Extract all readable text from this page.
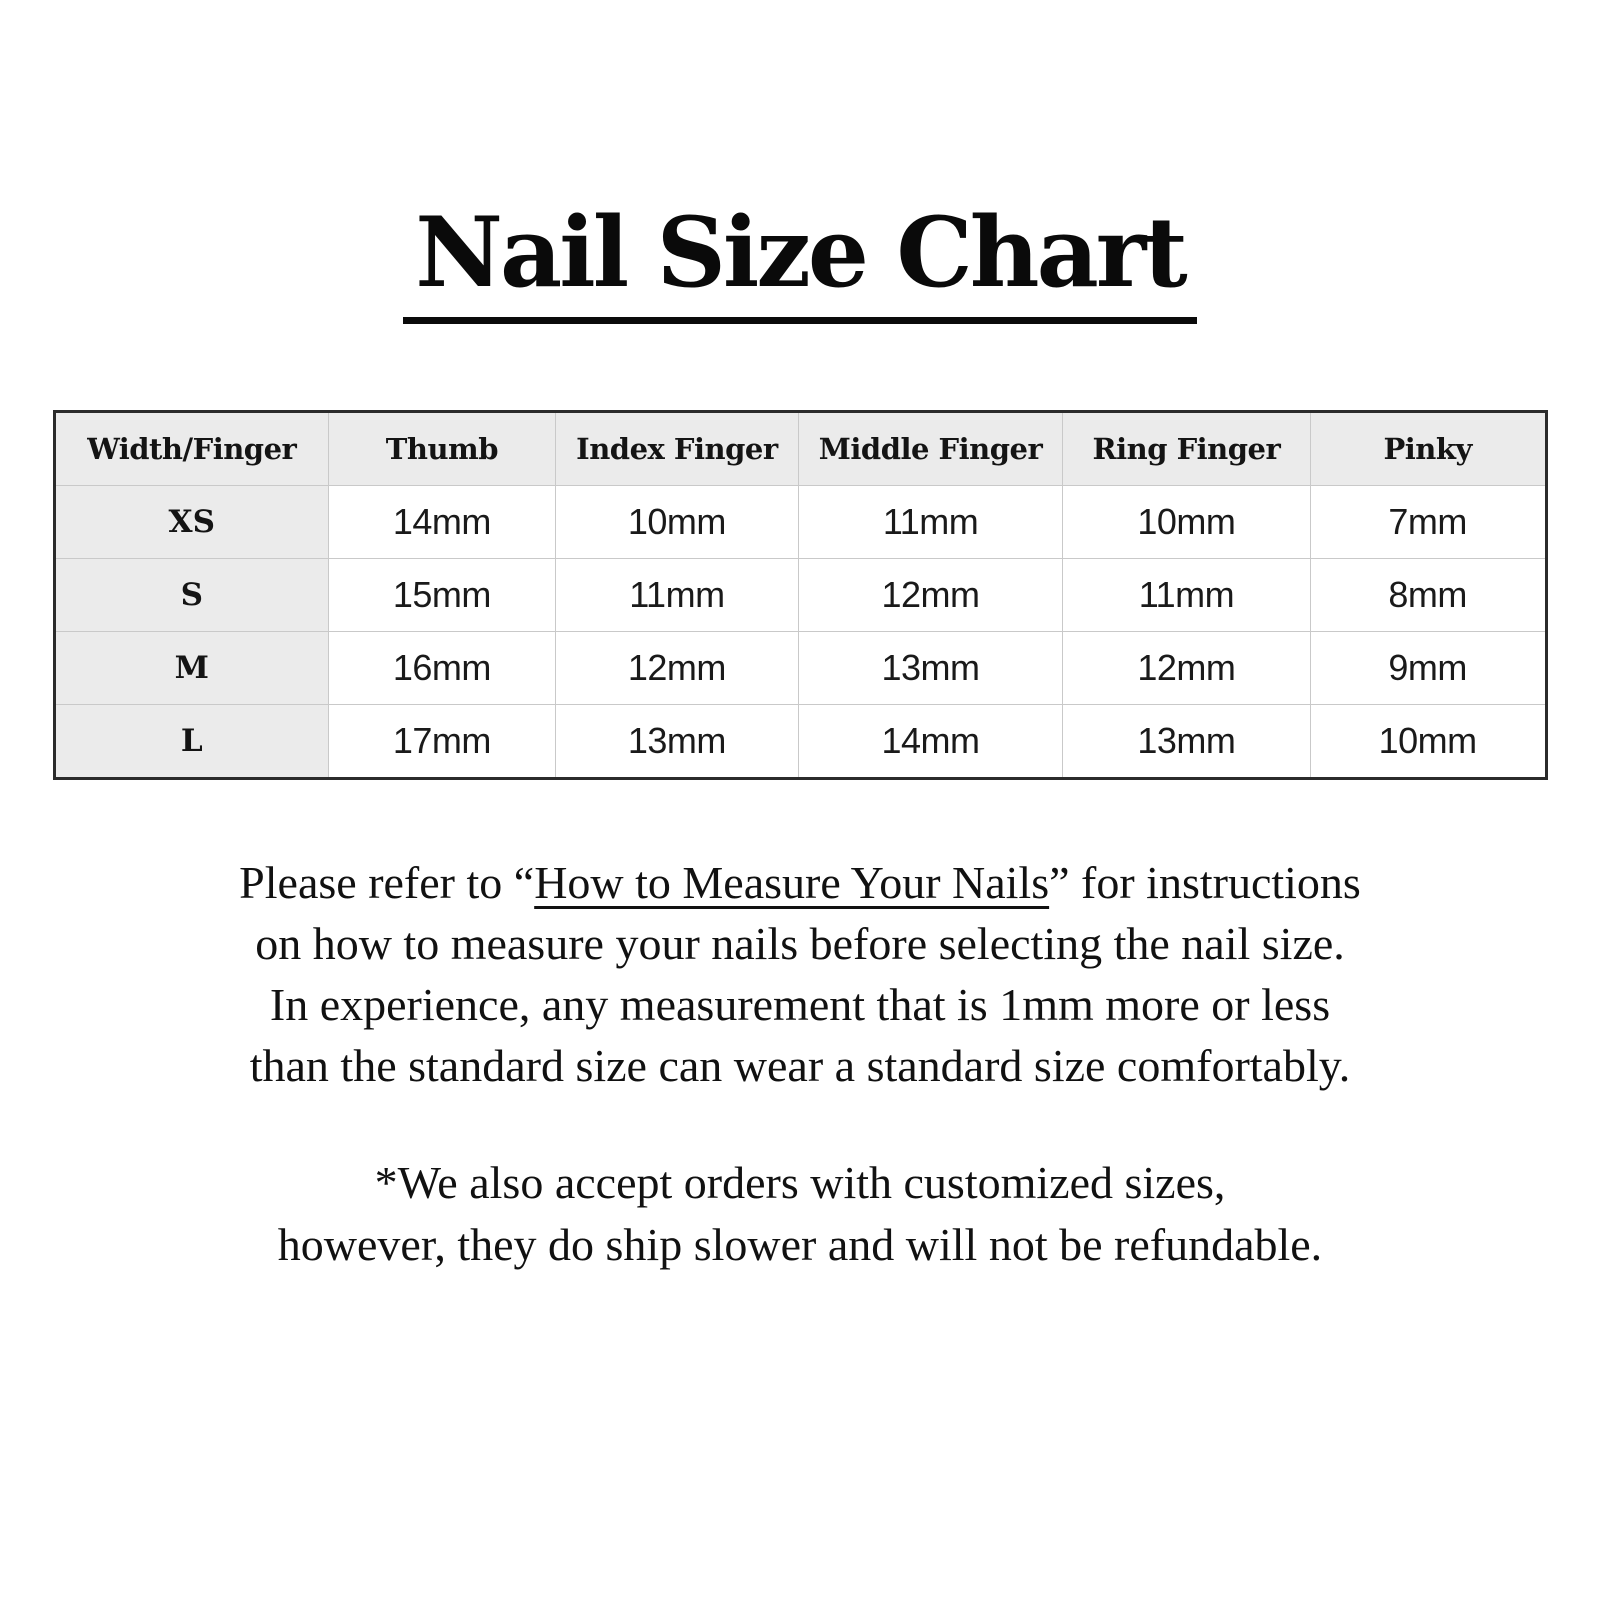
Nail Size Chart
Width/Finger	Thumb	Index Finger	Middle Finger	Ring Finger	Pinky
XS	14mm	10mm	11mm	10mm	7mm
S	15mm	11mm	12mm	11mm	8mm
M	16mm	12mm	13mm	12mm	9mm
L	17mm	13mm	14mm	13mm	10mm
Please refer to “How to Measure Your Nails” for instructions
on how to measure your nails before selecting the nail size.
In experience, any measurement that is 1mm more or less
than the standard size can wear a standard size comfortably.
*We also accept orders with customized sizes,
however, they do ship slower and will not be refundable.
